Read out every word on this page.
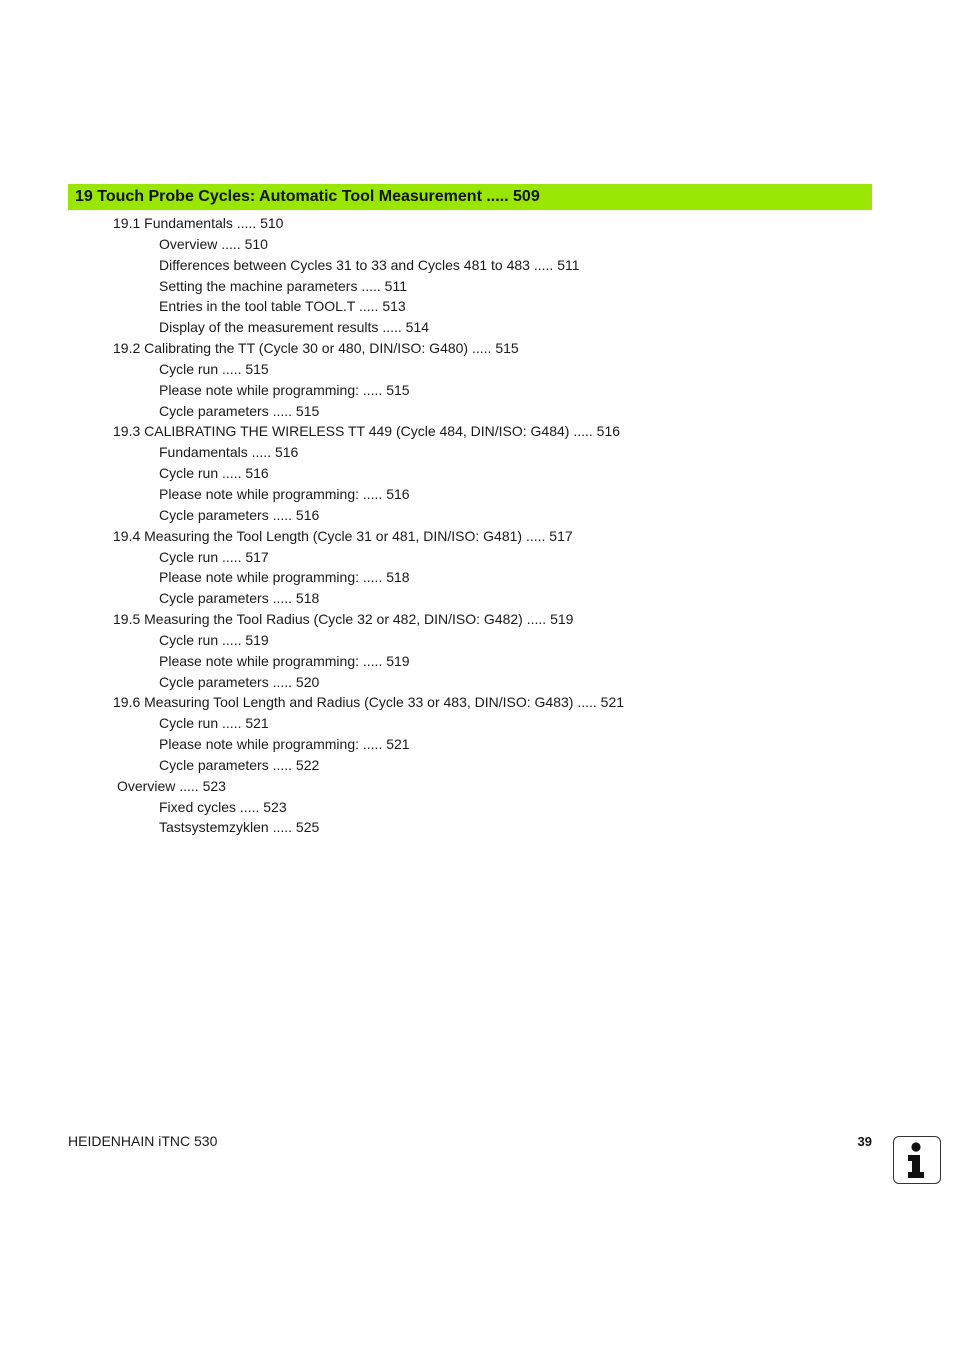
19 Touch Probe Cycles: Automatic Tool Measurement ..... 509
19.1 Fundamentals ..... 510
Overview ..... 510
Differences between Cycles 31 to 33 and Cycles 481 to 483 ..... 511
Setting the machine parameters ..... 511
Entries in the tool table TOOL.T ..... 513
Display of the measurement results ..... 514
19.2 Calibrating the TT (Cycle 30 or 480, DIN/ISO: G480) ..... 515
Cycle run ..... 515
Please note while programming: ..... 515
Cycle parameters ..... 515
19.3 CALIBRATING THE WIRELESS TT 449 (Cycle 484, DIN/ISO: G484) ..... 516
Fundamentals ..... 516
Cycle run ..... 516
Please note while programming: ..... 516
Cycle parameters ..... 516
19.4 Measuring the Tool Length (Cycle 31 or 481, DIN/ISO: G481) ..... 517
Cycle run ..... 517
Please note while programming: ..... 518
Cycle parameters ..... 518
19.5 Measuring the Tool Radius (Cycle 32 or 482, DIN/ISO: G482) ..... 519
Cycle run ..... 519
Please note while programming: ..... 519
Cycle parameters ..... 520
19.6 Measuring Tool Length and Radius (Cycle 33 or 483, DIN/ISO: G483) ..... 521
Cycle run ..... 521
Please note while programming: ..... 521
Cycle parameters ..... 522
Overview ..... 523
Fixed cycles ..... 523
Tastsystemzyklen ..... 525
HEIDENHAIN iTNC 530	39
